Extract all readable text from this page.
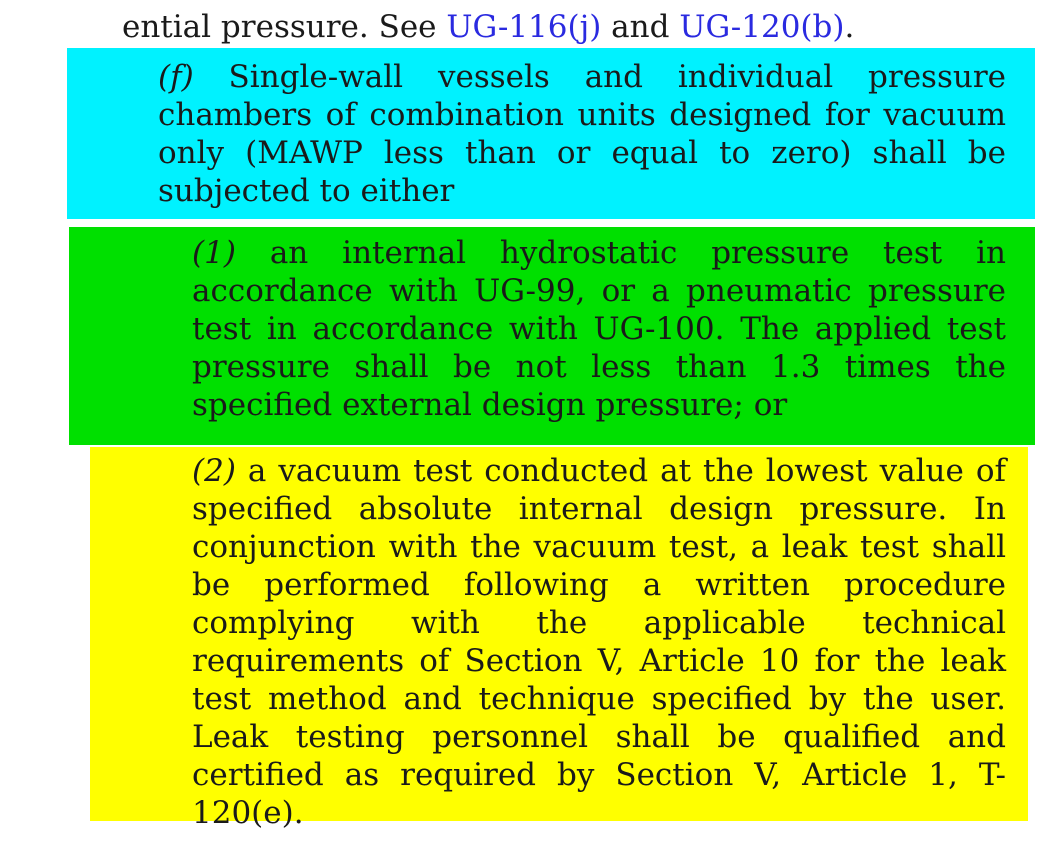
ential pressure. See UG-116(j) and UG-120(b).
(f) Single-wall vessels and individual pressure chambers of combination units designed for vacuum only (MAWP less than or equal to zero) shall be subjected to either
(1) an internal hydrostatic pressure test in accordance with UG-99, or a pneumatic pressure test in accordance with UG-100. The applied test pressure shall be not less than 1.3 times the specified external design pressure; or
(2) a vacuum test conducted at the lowest value of specified absolute internal design pressure. In conjunction with the vacuum test, a leak test shall be performed following a written procedure complying with the applicable technical requirements of Section V, Article 10 for the leak test method and technique specified by the user. Leak testing personnel shall be qualified and certified as required by Section V, Article 1, T-120(e).
